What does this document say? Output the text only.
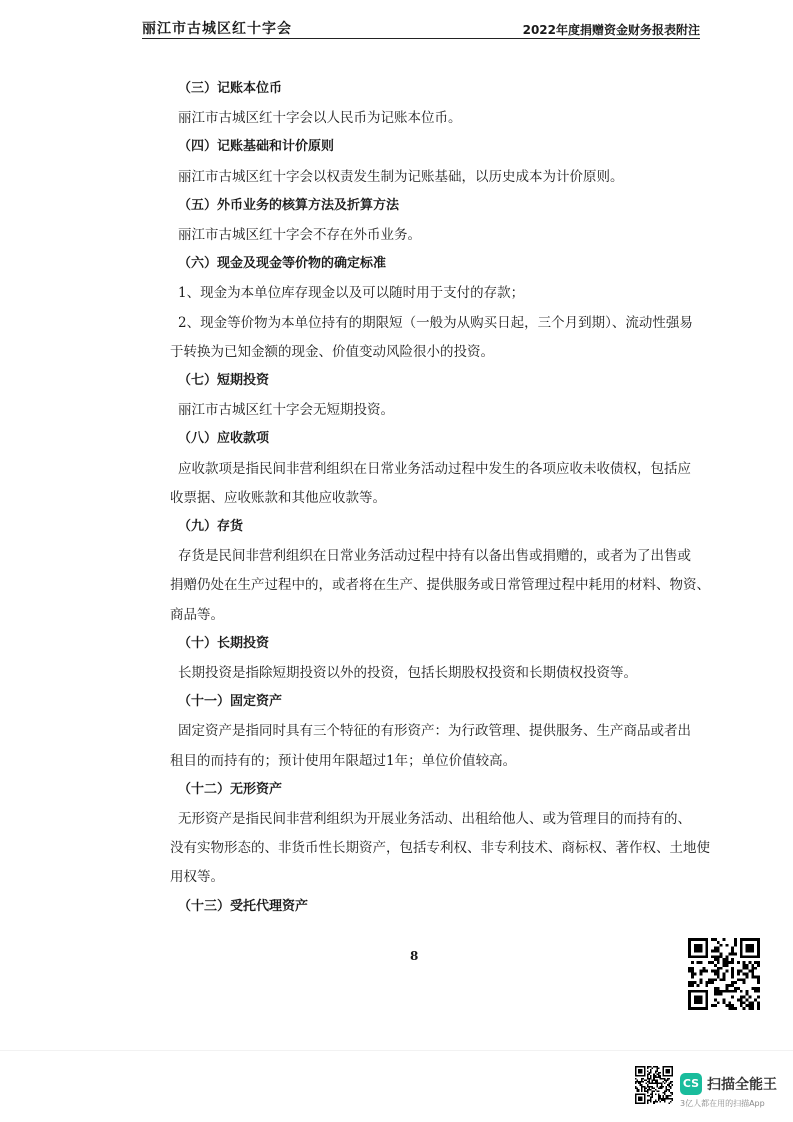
丽江市古城区红十字会	2022年度捐赠资金财务报表附注
（三）记账本位币
丽江市古城区红十字会以人民币为记账本位币。
（四）记账基础和计价原则
丽江市古城区红十字会以权责发生制为记账基础，以历史成本为计价原则。
（五）外币业务的核算方法及折算方法
丽江市古城区红十字会不存在外币业务。
（六）现金及现金等价物的确定标准
1、现金为本单位库存现金以及可以随时用于支付的存款；
2、现金等价物为本单位持有的期限短（一般为从购买日起，三个月到期）、流动性强易
于转换为已知金额的现金、价值变动风险很小的投资。
（七）短期投资
丽江市古城区红十字会无短期投资。
（八）应收款项
应收款项是指民间非营利组织在日常业务活动过程中发生的各项应收未收债权，包括应
收票据、应收账款和其他应收款等。
（九）存货
存货是民间非营利组织在日常业务活动过程中持有以备出售或捐赠的，或者为了出售或
捐赠仍处在生产过程中的，或者将在生产、提供服务或日常管理过程中耗用的材料、物资、
商品等。
（十）长期投资
长期投资是指除短期投资以外的投资，包括长期股权投资和长期债权投资等。
（十一）固定资产
固定资产是指同时具有三个特征的有形资产：为行政管理、提供服务、生产商品或者出
租目的而持有的；预计使用年限超过1年；单位价值较高。
（十二）无形资产
无形资产是指民间非营利组织为开展业务活动、出租给他人、或为管理目的而持有的、
没有实物形态的、非货币性长期资产，包括专利权、非专利技术、商标权、著作权、土地使
用权等。
（十三）受托代理资产
8
CS 扫描全能王
3亿人都在用的扫描App
